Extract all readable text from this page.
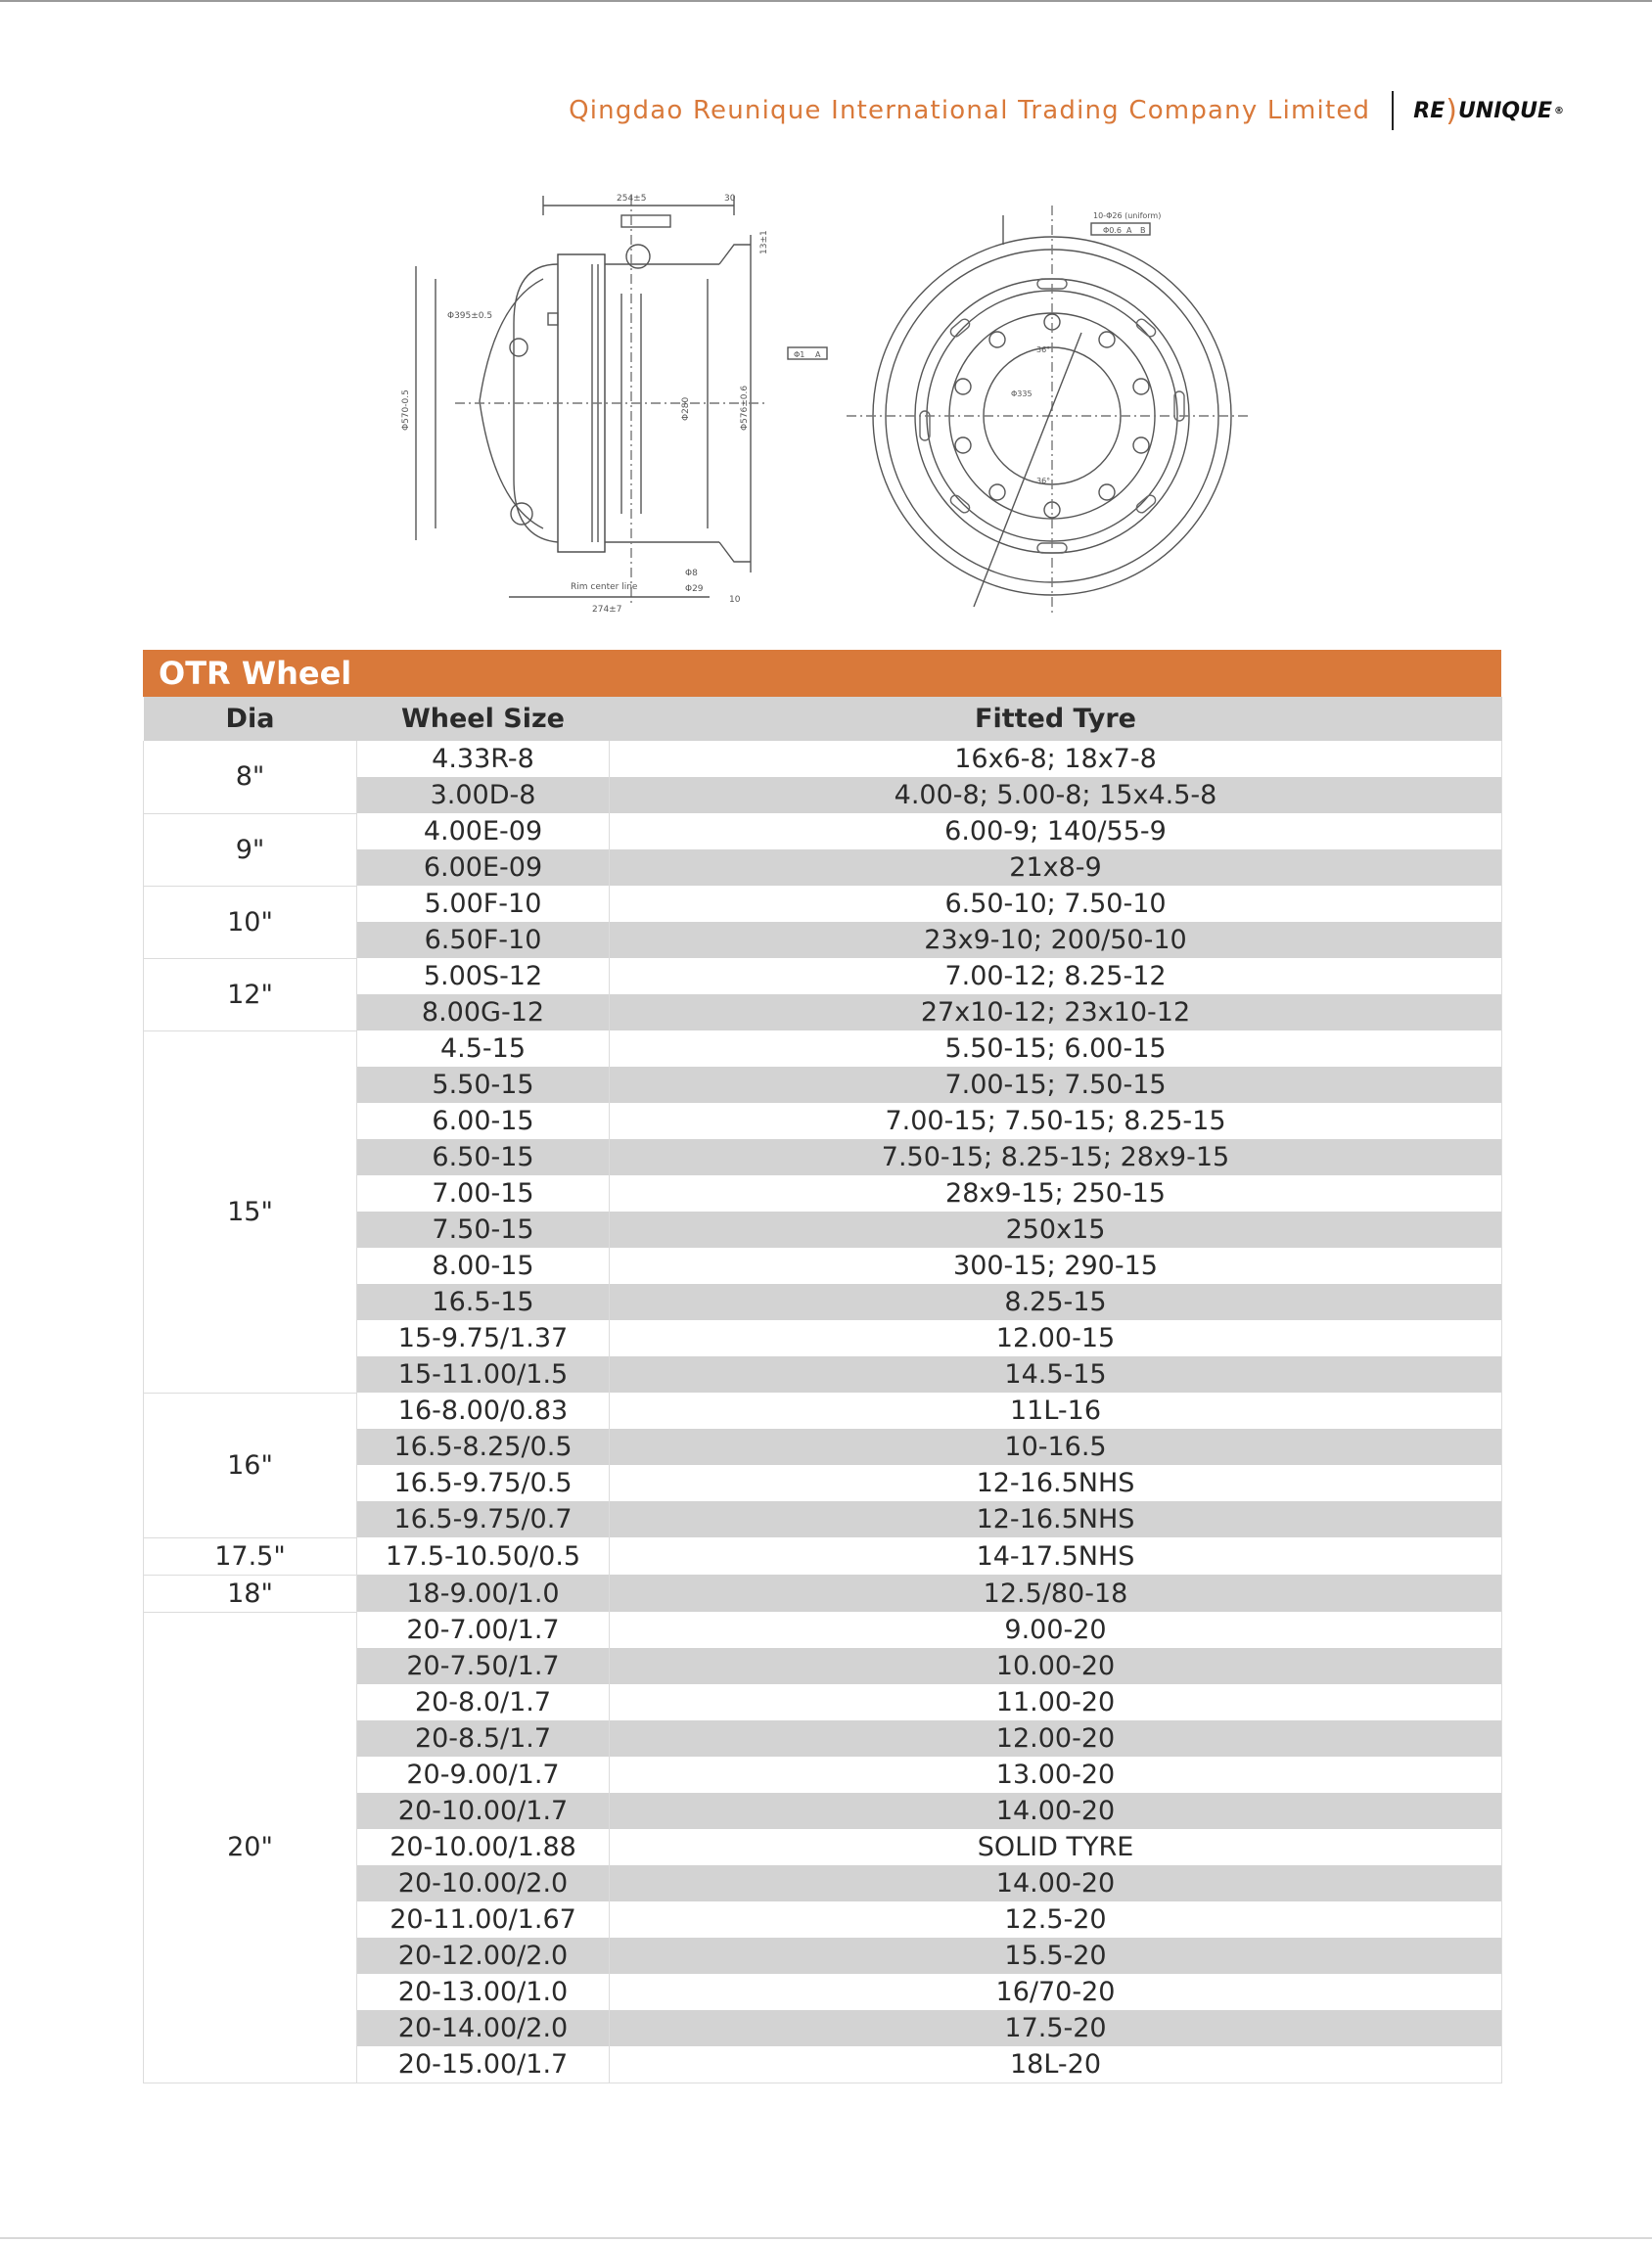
Qingdao Reunique International Trading Company Limited RE ) UNIQUE ®
254±5	30
Φ395±0.5
274±7
Rim center line
Φ8
Φ29
10
Φ570-0.5	Φ280	Φ576±0.6
13±1
10-Φ26 (uniform)
Φ0.6 A B
Φ335
36°
36°
Φ1 A
OTR Wheel
Dia	Wheel Size	Fitted Tyre
8"	4.33R-8	16x6-8; 18x7-8
	3.00D-8	4.00-8; 5.00-8; 15x4.5-8
9"	4.00E-09	6.00-9; 140/55-9
	6.00E-09	21x8-9
10"	5.00F-10	6.50-10; 7.50-10
	6.50F-10	23x9-10; 200/50-10
12"	5.00S-12	7.00-12; 8.25-12
	8.00G-12	27x10-12; 23x10-12
15"	4.5-15	5.50-15; 6.00-15
	5.50-15	7.00-15; 7.50-15
	6.00-15	7.00-15; 7.50-15; 8.25-15
	6.50-15	7.50-15; 8.25-15; 28x9-15
	7.00-15	28x9-15; 250-15
	7.50-15	250x15
	8.00-15	300-15; 290-15
	16.5-15	8.25-15
	15-9.75/1.37	12.00-15
	15-11.00/1.5	14.5-15
16"	16-8.00/0.83	11L-16
	16.5-8.25/0.5	10-16.5
	16.5-9.75/0.5	12-16.5NHS
	16.5-9.75/0.7	12-16.5NHS
17.5"	17.5-10.50/0.5	14-17.5NHS
18"	18-9.00/1.0	12.5/80-18
20"	20-7.00/1.7	9.00-20
	20-7.50/1.7	10.00-20
	20-8.0/1.7	11.00-20
	20-8.5/1.7	12.00-20
	20-9.00/1.7	13.00-20
	20-10.00/1.7	14.00-20
	20-10.00/1.88	SOLID TYRE
	20-10.00/2.0	14.00-20
	20-11.00/1.67	12.5-20
	20-12.00/2.0	15.5-20
	20-13.00/1.0	16/70-20
	20-14.00/2.0	17.5-20
	20-15.00/1.7	18L-20
